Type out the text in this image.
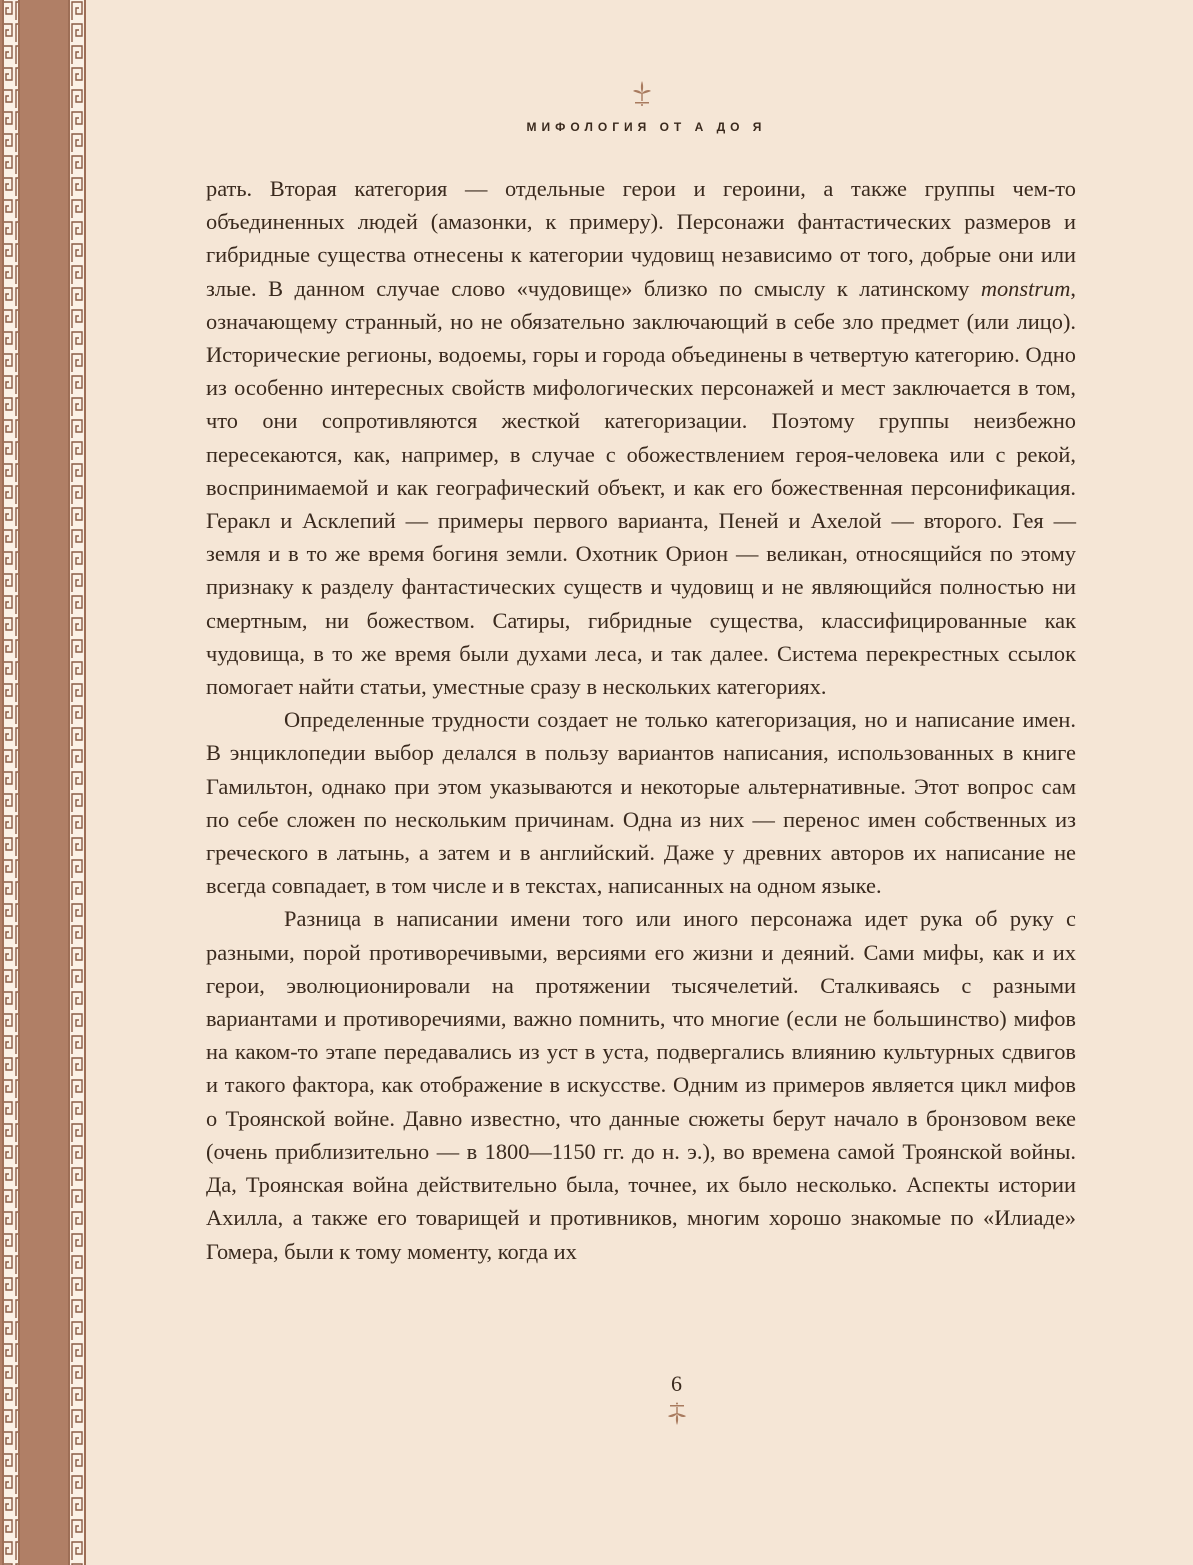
МИФОЛОГИЯ ОТ А ДО Я

рать. Вторая категория — отдельные герои и героини, а также группы чем-то объединенных людей (амазонки, к примеру). Персонажи фантастических размеров и гибридные существа отнесены к категории чудовищ независимо от того, добрые они или злые. В данном случае слово «чудовище» близко по смыслу к латинскому monstrum, означающему странный, но не обязательно заключающий в себе зло предмет (или лицо). Исторические регионы, водоемы, горы и города объединены в четвертую категорию. Одно из особенно интересных свойств мифологических персонажей и мест заключается в том, что они сопротивляются жесткой категоризации. Поэтому группы неизбежно пересекаются, как, например, в случае с обожествлением героя-человека или с рекой, воспринимаемой и как географический объект, и как его божественная персонификация. Геракл и Асклепий — примеры первого варианта, Пеней и Ахелой — второго. Гея — земля и в то же время богиня земли. Охотник Орион — великан, относящийся по этому признаку к разделу фантастических существ и чудовищ и не являющийся полностью ни смертным, ни божеством. Сатиры, гибридные существа, классифицированные как чудовища, в то же время были духами леса, и так далее. Система перекрестных ссылок помогает найти статьи, уместные сразу в нескольких категориях.

Определенные трудности создает не только категоризация, но и написание имен. В энциклопедии выбор делался в пользу вариантов написания, использованных в книге Гамильтон, однако при этом указываются и некоторые альтернативные. Этот вопрос сам по себе сложен по нескольким причинам. Одна из них — перенос имен собственных из греческого в латынь, а затем и в английский. Даже у древних авторов их написание не всегда совпадает, в том числе и в текстах, написанных на одном языке.

Разница в написании имени того или иного персонажа идет рука об руку с разными, порой противоречивыми, версиями его жизни и деяний. Сами мифы, как и их герои, эволюционировали на протяжении тысячелетий. Сталкиваясь с разными вариантами и противоречиями, важно помнить, что многие (если не большинство) мифов на каком-то этапе передавались из уст в уста, подвергались влиянию культурных сдвигов и такого фактора, как отображение в искусстве. Одним из примеров является цикл мифов о Троянской войне. Давно известно, что данные сюжеты берут начало в бронзовом веке (очень приблизительно — в 1800—1150 гг. до н. э.), во времена самой Троянской войны. Да, Троянская война действительно была, точнее, их было несколько. Аспекты истории Ахилла, а также его товарищей и противников, многим хорошо знакомые по «Илиаде» Гомера, были к тому моменту, когда их

6
